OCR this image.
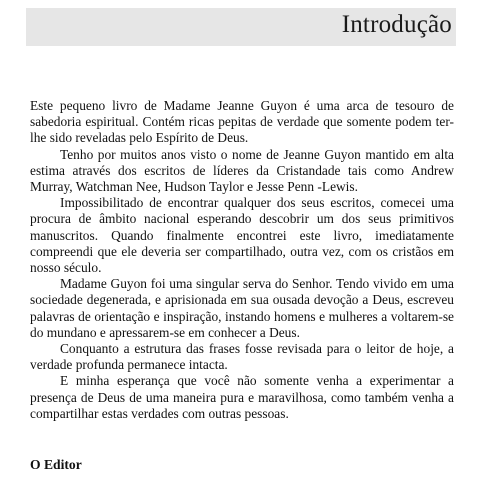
Introdução

Este pequeno livro de Madame Jeanne Guyon é uma arca de tesouro de sabedoria espiritual. Contém ricas pepitas de verdade que somente podem ter-lhe sido reveladas pelo Espírito de Deus.

Tenho por muitos anos visto o nome de Jeanne Guyon mantido em alta estima através dos escritos de líderes da Cristandade tais como Andrew Murray, Watchman Nee, Hudson Taylor e Jesse Penn -Lewis.

Impossibilitado de encontrar qualquer dos seus escritos, comecei uma procura de âmbito nacional esperando descobrir um dos seus primitivos manuscritos. Quando finalmente encontrei este livro, imediatamente compreendi que ele deveria ser compartilhado, outra vez, com os cristãos em nosso século.

Madame Guyon foi uma singular serva do Senhor. Tendo vivido em uma sociedade degenerada, e aprisionada em sua ousada devoção a Deus, escreveu palavras de orientação e inspiração, instando homens e mulheres a voltarem-se do mundano e apressarem-se em conhecer a Deus.

Conquanto a estrutura das frases fosse revisada para o leitor de hoje, a verdade profunda permanece intacta.

E minha esperança que você não somente venha a experimentar a presença de Deus de uma maneira pura e maravilhosa, como também venha a compartilhar estas verdades com outras pessoas.

O Editor
